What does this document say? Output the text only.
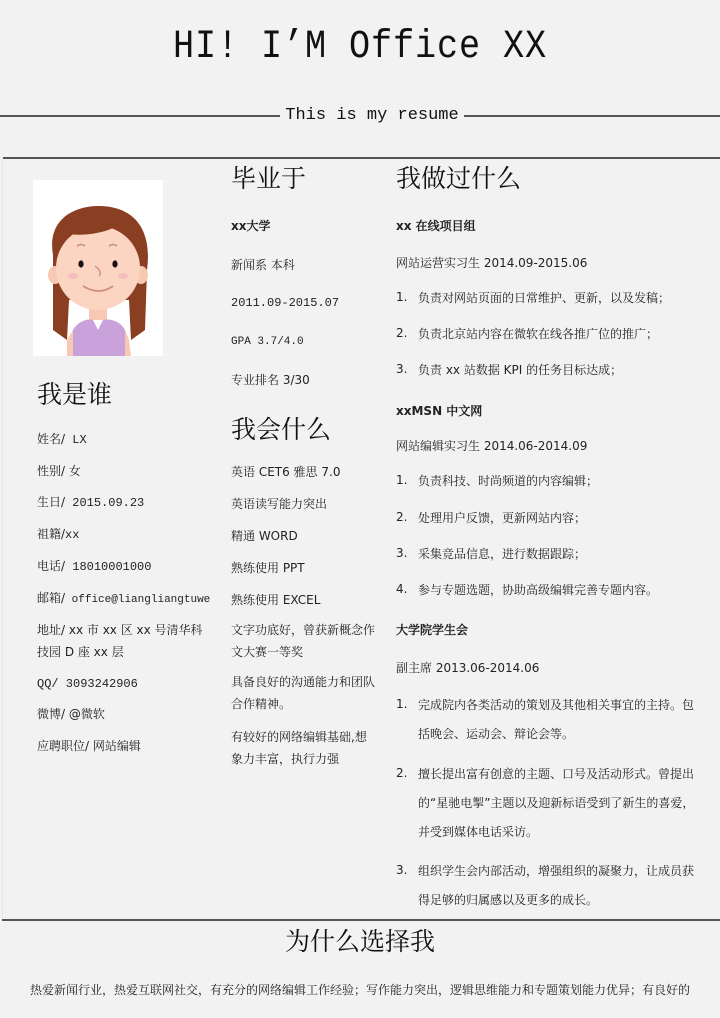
HI! I’M Office XX
This is my resume
我是谁
姓名/ LX
性别/ 女
生日/ 2015.09.23
祖籍/xx
电话/ 18010001000
邮箱/ office@liangliangtuwe
地址/ xx 市 xx 区 xx 号清华科
技园 D 座 xx 层
QQ/ 3093242906
微博/ @微软
应聘职位/ 网站编辑
毕业于
xx大学
新闻系 本科
2011.09-2015.07
GPA 3.7/4.0
专业排名 3/30
我会什么
英语 CET6 雅思 7.0
英语读写能力突出
精通 WORD
熟练使用 PPT
熟练使用 EXCEL
文字功底好，曾获新概念作文大赛一等奖
具备良好的沟通能力和团队合作精神。
有较好的网络编辑基础,想象力丰富，执行力强
我做过什么
xx 在线项目组
网站运营实习生 2014.09-2015.06
1. 负责对网站页面的日常维护、更新，以及发稿；
2. 负责北京站内容在微软在线各推广位的推广；
3. 负责 xx 站数据 KPI 的任务目标达成；
xxMSN 中文网
网站编辑实习生 2014.06-2014.09
1. 负责科技、时尚频道的内容编辑；
2. 处理用户反馈，更新网站内容；
3. 采集竞品信息，进行数据跟踪；
4. 参与专题选题，协助高级编辑完善专题内容。
大学院学生会
副主席 2013.06-2014.06
1. 完成院内各类活动的策划及其他相关事宜的主持。包括晚会、运动会、辩论会等。
2. 擅长提出富有创意的主题、口号及活动形式。曾提出的“星驰电掣”主题以及迎新标语受到了新生的喜爱，并受到媒体电话采访。
3. 组织学生会内部活动，增强组织的凝聚力，让成员获得足够的归属感以及更多的成长。
为什么选择我
热爱新闻行业，热爱互联网社交，有充分的网络编辑工作经验；写作能力突出，逻辑思维能力和专题策划能力优异；有良好的
